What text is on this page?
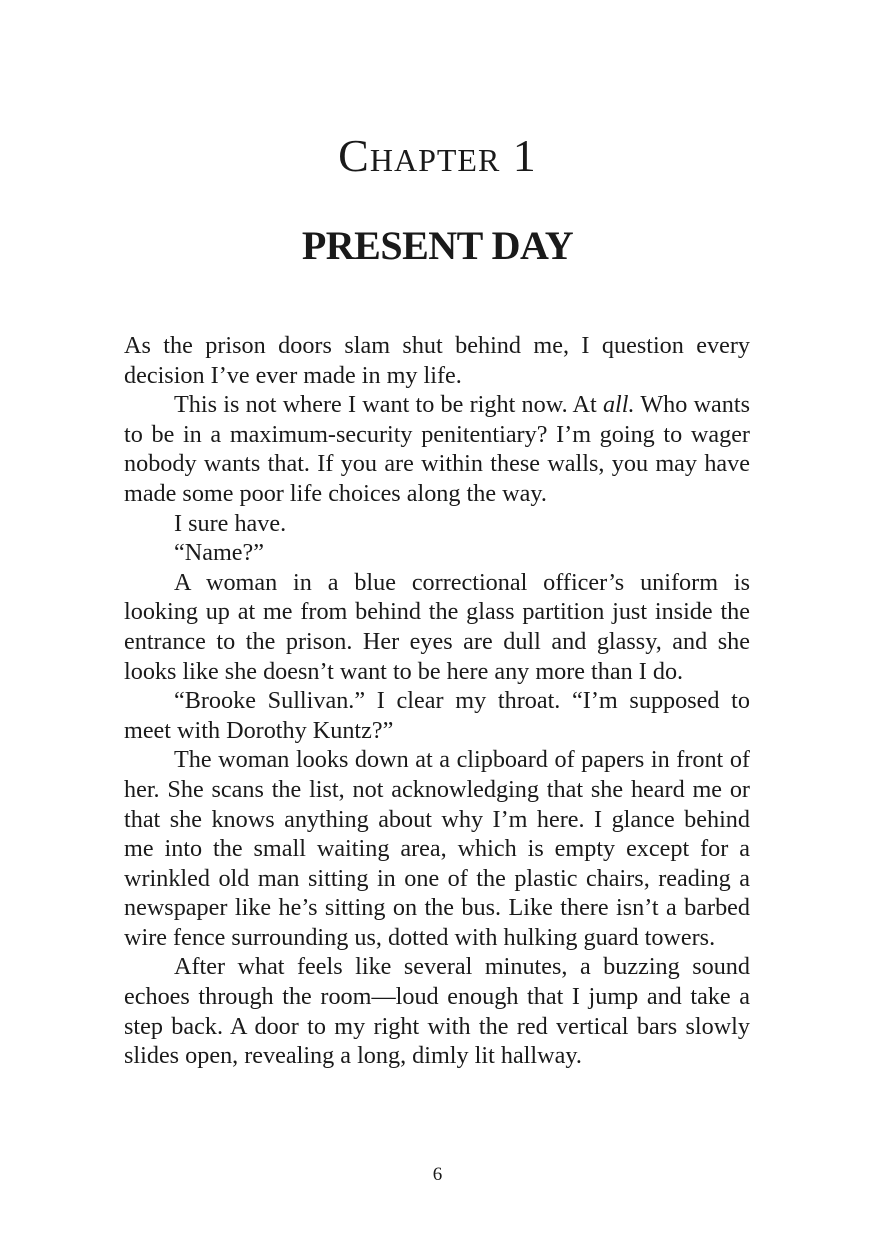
Chapter 1
PRESENT DAY

As the prison doors slam shut behind me, I question every decision I’ve ever made in my life.

This is not where I want to be right now. At all. Who wants to be in a maximum-security penitentiary? I’m going to wager nobody wants that. If you are within these walls, you may have made some poor life choices along the way.

I sure have.

“Name?”

A woman in a blue correctional officer’s uniform is looking up at me from behind the glass partition just inside the entrance to the prison. Her eyes are dull and glassy, and she looks like she doesn’t want to be here any more than I do.

“Brooke Sullivan.” I clear my throat. “I’m supposed to meet with Dorothy Kuntz?”

The woman looks down at a clipboard of papers in front of her. She scans the list, not acknowledging that she heard me or that she knows anything about why I’m here. I glance behind me into the small waiting area, which is empty except for a wrinkled old man sitting in one of the plastic chairs, reading a newspaper like he’s sitting on the bus. Like there isn’t a barbed wire fence surrounding us, dotted with hulking guard towers.

After what feels like several minutes, a buzzing sound echoes through the room—loud enough that I jump and take a step back. A door to my right with the red vertical bars slowly slides open, revealing a long, dimly lit hallway.

6
